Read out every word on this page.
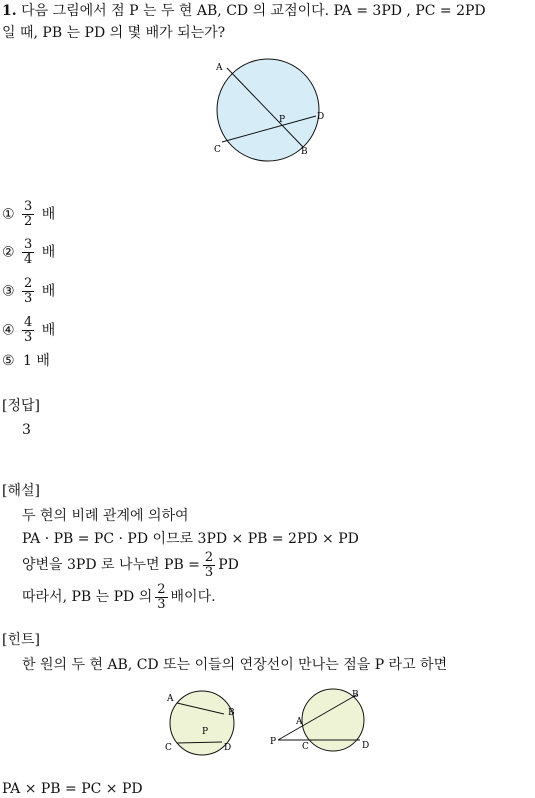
1. 다음 그림에서 점 P 는 두 현 AB, CD 의 교점이다. PA = 3PD , PC = 2PD
일 때, PB 는 PD 의 몇 배가 되는가?
A
B
C
D
P
① $\frac{3}{2}$ 배
② $\frac{3}{4}$ 배
③ $\frac{2}{3}$ 배
④ $\frac{4}{3}$ 배
⑤ 1 배
[정답]
3
[해설]
두 현의 비례 관계에 의하여
PA · PB = PC · PD 이므로 3PD × PB = 2PD × PD
양변을 3PD 로 나누면 PB = $\frac{2}{3}$ PD
따라서, PB 는 PD 의 $\frac{2}{3}$ 배이다.
[힌트]
한 원의 두 현 AB, CD 또는 이들의 연장선이 만나는 점을 P 라고 하면
A
B
C	D
P
A
B
C	D
P
PA × PB = PC × PD
